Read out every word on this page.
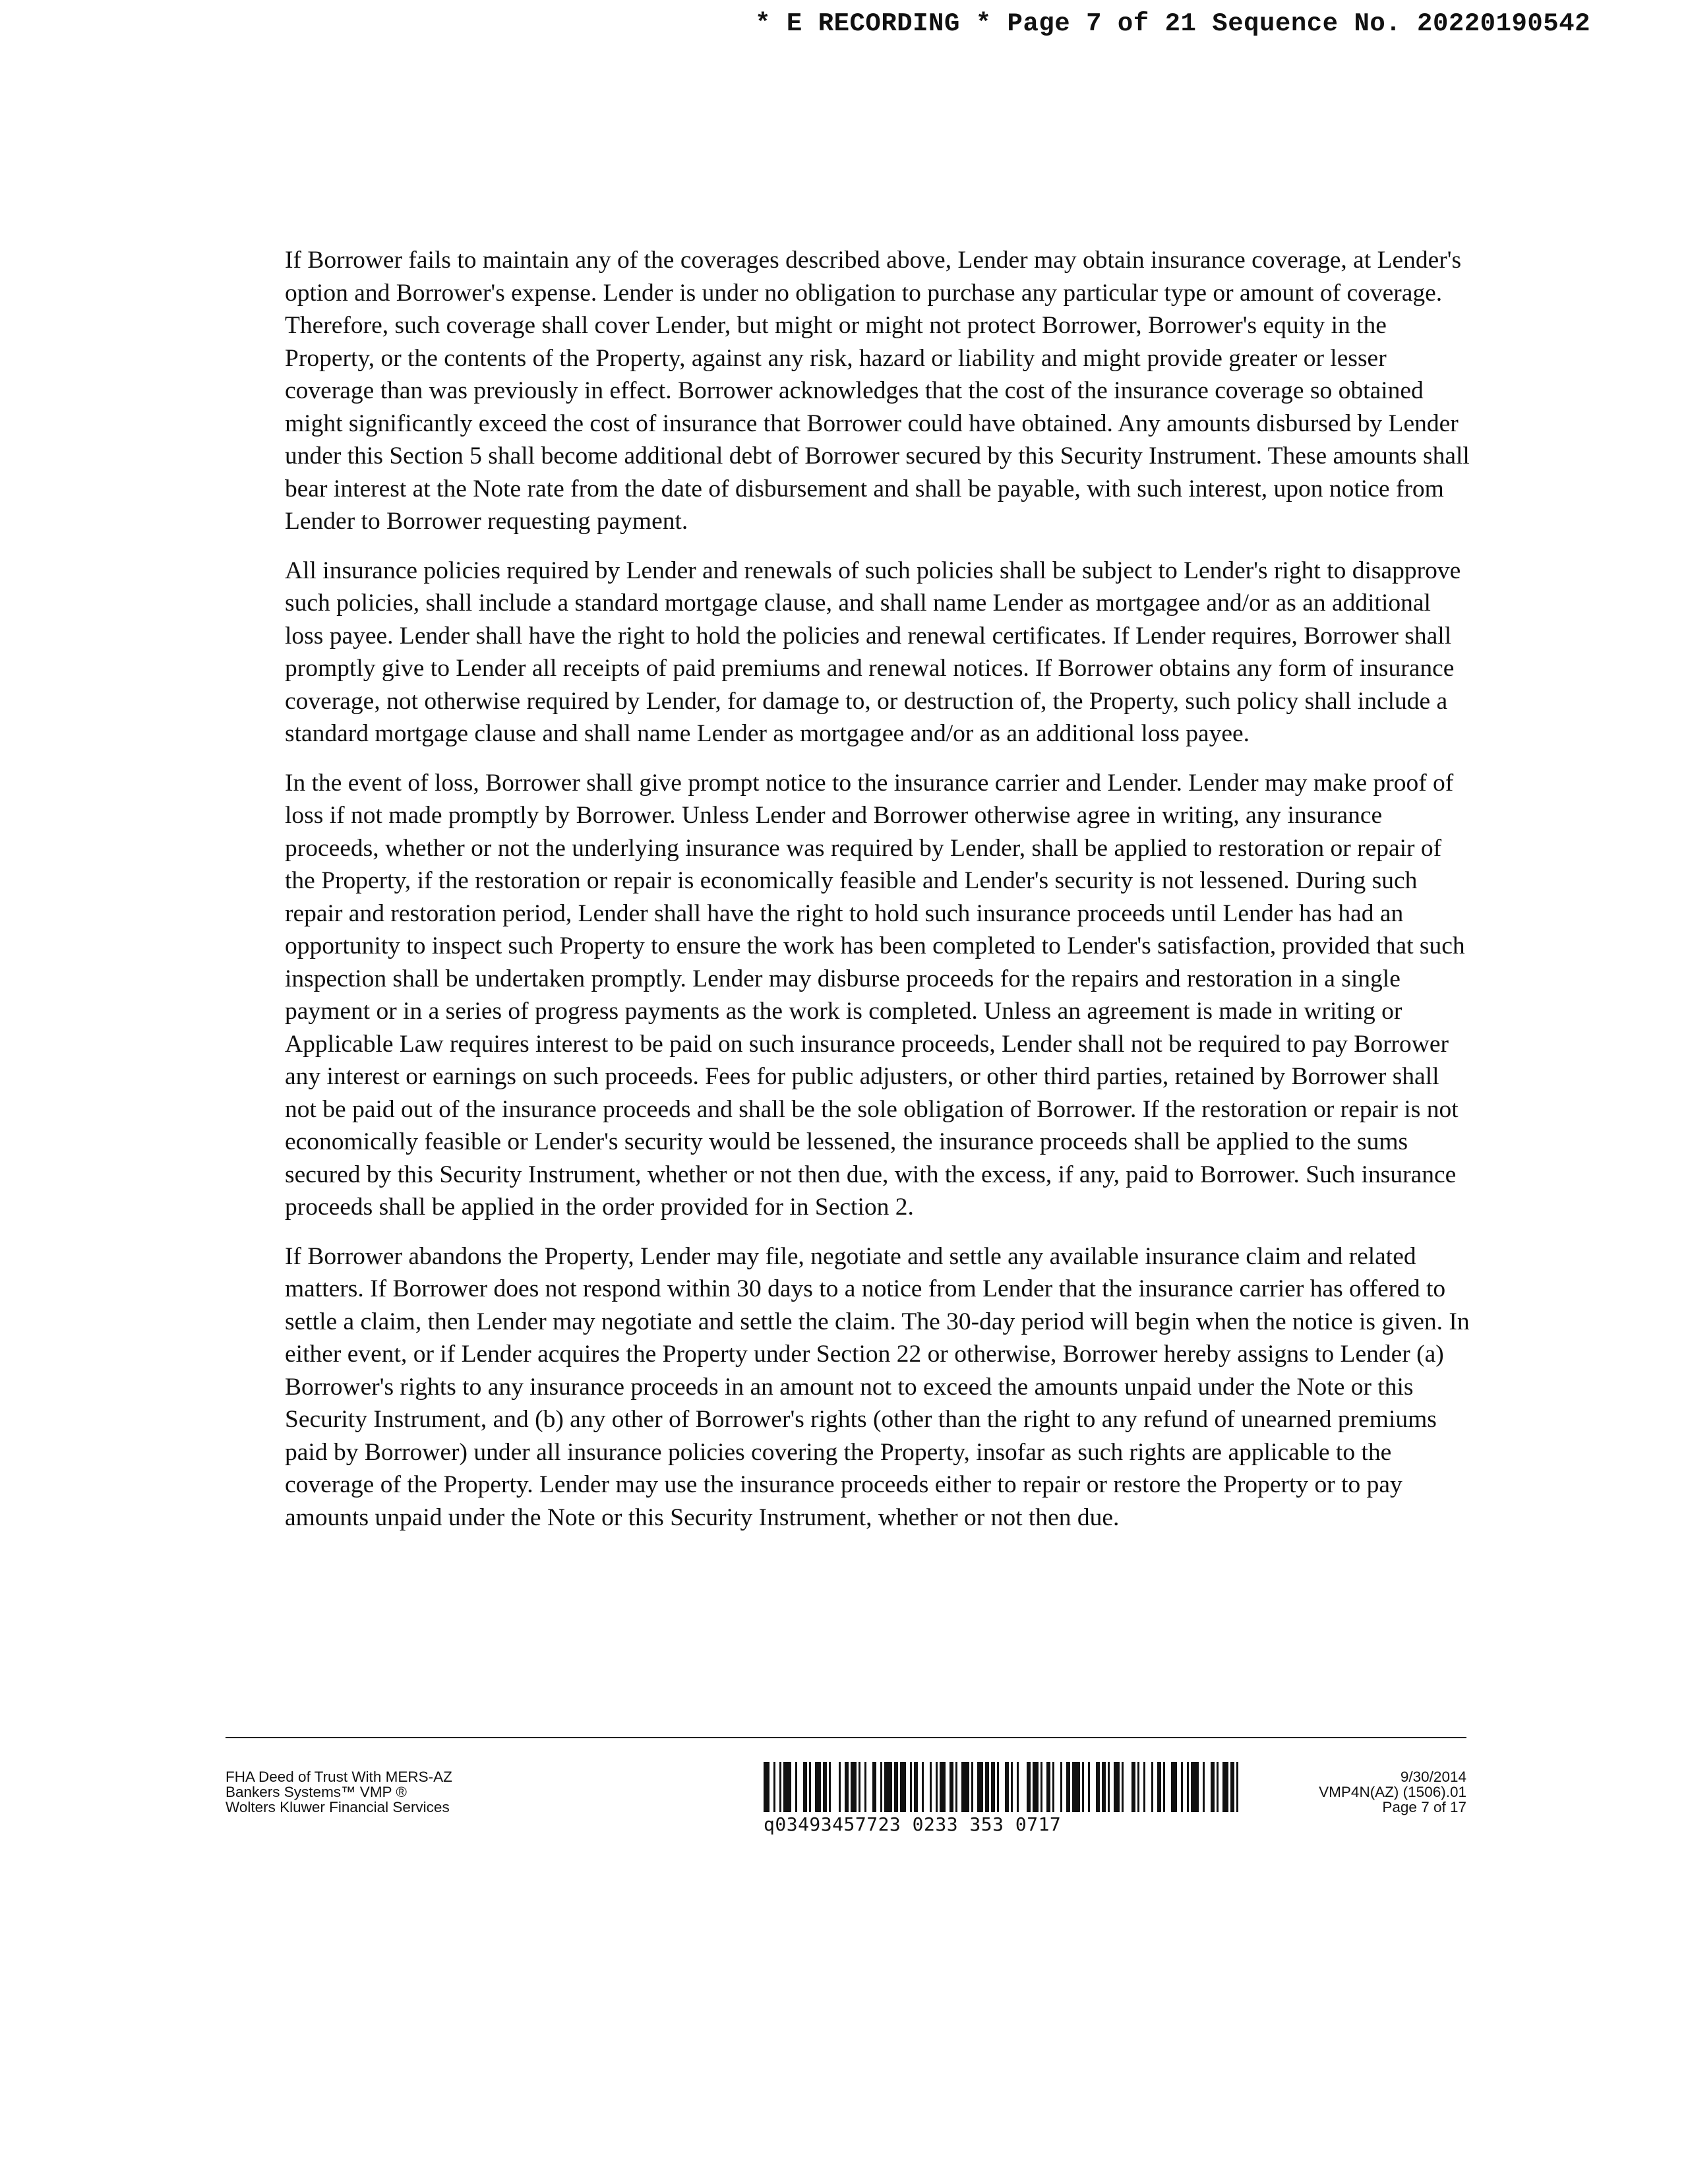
* E RECORDING * Page 7 of 21 Sequence No. 20220190542

If Borrower fails to maintain any of the coverages described above, Lender may obtain insurance coverage, at Lender's option and Borrower's expense. Lender is under no obligation to purchase any particular type or amount of coverage. Therefore, such coverage shall cover Lender, but might or might not protect Borrower, Borrower's equity in the Property, or the contents of the Property, against any risk, hazard or liability and might provide greater or lesser coverage than was previously in effect. Borrower acknowledges that the cost of the insurance coverage so obtained might significantly exceed the cost of insurance that Borrower could have obtained. Any amounts disbursed by Lender under this Section 5 shall become additional debt of Borrower secured by this Security Instrument. These amounts shall bear interest at the Note rate from the date of disbursement and shall be payable, with such interest, upon notice from Lender to Borrower requesting payment.

All insurance policies required by Lender and renewals of such policies shall be subject to Lender's right to disapprove such policies, shall include a standard mortgage clause, and shall name Lender as mortgagee and/or as an additional loss payee. Lender shall have the right to hold the policies and renewal certificates. If Lender requires, Borrower shall promptly give to Lender all receipts of paid premiums and renewal notices. If Borrower obtains any form of insurance coverage, not otherwise required by Lender, for damage to, or destruction of, the Property, such policy shall include a standard mortgage clause and shall name Lender as mortgagee and/or as an additional loss payee.

In the event of loss, Borrower shall give prompt notice to the insurance carrier and Lender. Lender may make proof of loss if not made promptly by Borrower. Unless Lender and Borrower otherwise agree in writing, any insurance proceeds, whether or not the underlying insurance was required by Lender, shall be applied to restoration or repair of the Property, if the restoration or repair is economically feasible and Lender's security is not lessened. During such repair and restoration period, Lender shall have the right to hold such insurance proceeds until Lender has had an opportunity to inspect such Property to ensure the work has been completed to Lender's satisfaction, provided that such inspection shall be undertaken promptly. Lender may disburse proceeds for the repairs and restoration in a single payment or in a series of progress payments as the work is completed. Unless an agreement is made in writing or Applicable Law requires interest to be paid on such insurance proceeds, Lender shall not be required to pay Borrower any interest or earnings on such proceeds. Fees for public adjusters, or other third parties, retained by Borrower shall not be paid out of the insurance proceeds and shall be the sole obligation of Borrower. If the restoration or repair is not economically feasible or Lender's security would be lessened, the insurance proceeds shall be applied to the sums secured by this Security Instrument, whether or not then due, with the excess, if any, paid to Borrower. Such insurance proceeds shall be applied in the order provided for in Section 2.

If Borrower abandons the Property, Lender may file, negotiate and settle any available insurance claim and related matters. If Borrower does not respond within 30 days to a notice from Lender that the insurance carrier has offered to settle a claim, then Lender may negotiate and settle the claim. The 30-day period will begin when the notice is given. In either event, or if Lender acquires the Property under Section 22 or otherwise, Borrower hereby assigns to Lender (a) Borrower's rights to any insurance proceeds in an amount not to exceed the amounts unpaid under the Note or this Security Instrument, and (b) any other of Borrower's rights (other than the right to any refund of unearned premiums paid by Borrower) under all insurance policies covering the Property, insofar as such rights are applicable to the coverage of the Property. Lender may use the insurance proceeds either to repair or restore the Property or to pay amounts unpaid under the Note or this Security Instrument, whether or not then due.

FHA Deed of Trust With MERS-AZ
Bankers Systems™ VMP ®
Wolters Kluwer Financial Services
q03493457723 0233 353 0717
9/30/2014
VMP4N(AZ) (1506).01
Page 7 of 17
